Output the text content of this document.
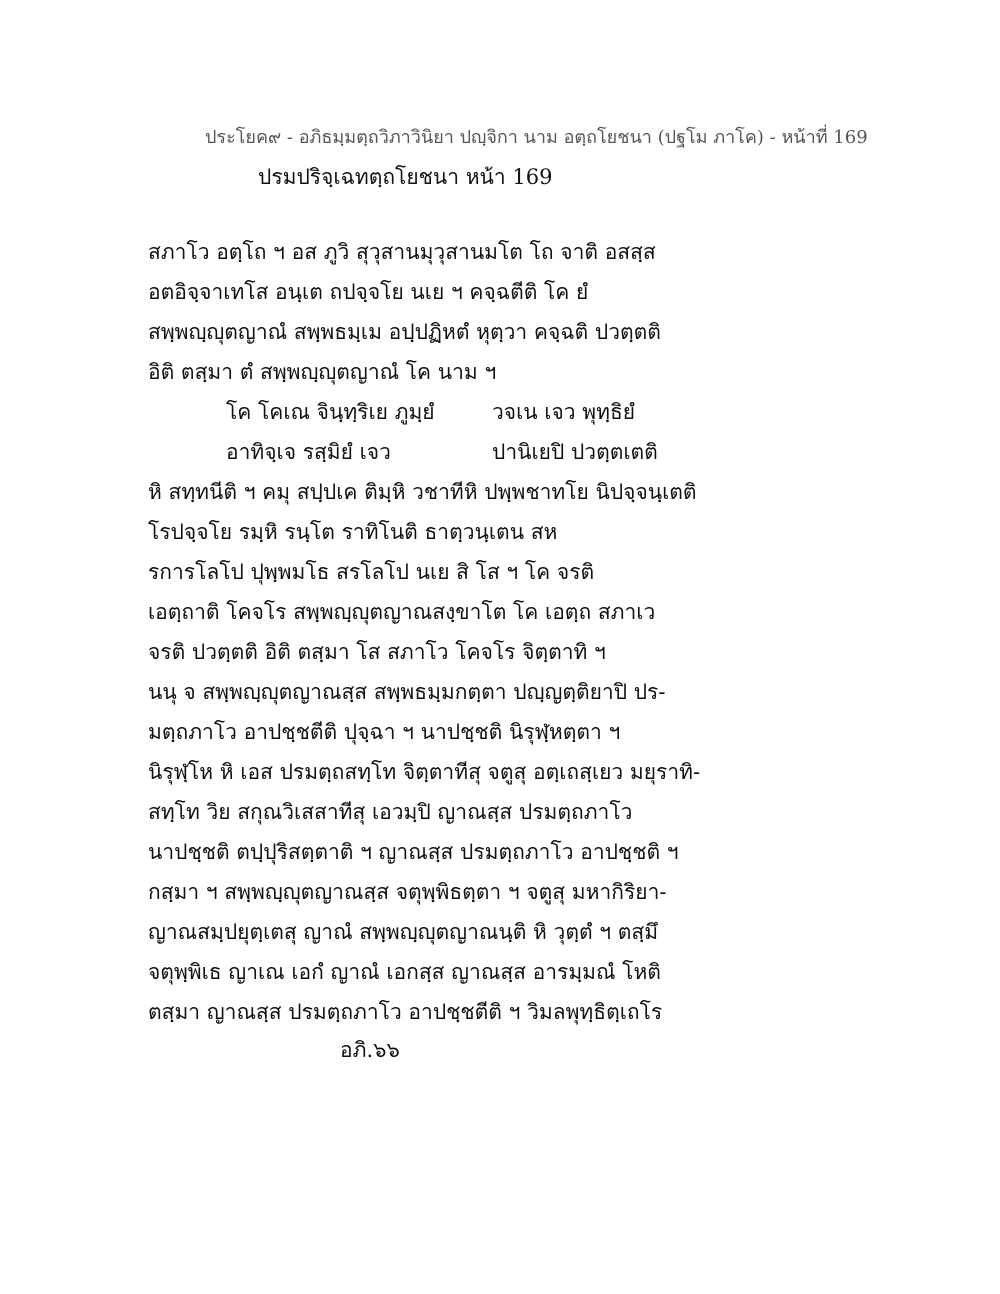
ประโยค๙ - อภิธมฺมตฺถวิภาวินิยา ปญฺจิกา นาม อตฺถโยชนา (ปฐโม ภาโค) - หน้าที่ 169
ปรมปริจฺเฉทตฺถโยชนา หน้า 169
สภาโว อตฺโถ ฯ อส ภูวิ สุวุสานมุวุสานมโต โถ จาติ อสสฺส
อตอิจฺจาเทโส อนฺเต ถปจฺจโย นเย ฯ คจฺฉตีติ โค ยํ
สพฺพญฺญุตญาณํ สพฺพธมฺเม อปฺปฏิหตํ หุตฺวา คจฺฉติ ปวตฺตติ
อิติ ตสฺมา ตํ สพฺพญฺญุตญาณํ โค นาม ฯ
โค โคเณ จินฺทฺริเย ภูมฺยํ	วจเน เจว พุทฺธิยํ
อาทิจฺเจ รสฺมิยํ เจว	ปานิเยปิ ปวตฺตเตติ
หิ สทฺทนีติ ฯ คมุ สปฺปเค ติมฺหิ วชาทีหิ ปพฺพชาทโย นิปจฺจนฺเตติ
โรปจฺจโย รมฺหิ รนฺโต ราทิโนติ ธาตฺวนฺเตน สห
รการโลโป ปุพฺพมโธ สรโลโป นเย สิ โส ฯ โค จรติ
เอตฺถาติ โคจโร สพฺพญฺญุตญาณสงฺขาโต โค เอตฺถ สภาเว
จรติ ปวตฺตติ อิติ ตสฺมา โส สภาโว โคจโร จิตฺตาทิ ฯ
นนุ จ สพฺพญฺญุตญาณสฺส สพฺพธมฺมกตฺตา ปญฺญตฺติยาปิ ปร-
มตฺถภาโว อาปชฺชตีติ ปุจฺฉา ฯ นาปชฺชติ นิรุฬฺหตฺตา ฯ
นิรุฬฺโห หิ เอส ปรมตฺถสทฺโท จิตฺตาทีสุ จตูสุ อตฺเถสฺเยว มยุราทิ-
สทฺโท วิย สกุณวิเสสาทีสุ เอวมฺปิ ญาณสฺส ปรมตฺถภาโว
นาปชฺชติ ตปฺปุริสตฺตาติ ฯ ญาณสฺส ปรมตฺถภาโว อาปชฺชติ ฯ
กสฺมา ฯ สพฺพญฺญุตญาณสฺส จตุพฺพิธตฺตา ฯ จตูสุ มหากิริยา-
ญาณสมฺปยุตฺเตสุ ญาณํ สพฺพญฺญุตญาณนฺติ หิ วุตฺตํ ฯ ตสฺมึ
จตุพฺพิเธ ญาเณ เอกํ ญาณํ เอกสฺส ญาณสฺส อารมฺมณํ โหติ
ตสฺมา ญาณสฺส ปรมตฺถภาโว อาปชฺชตีติ ฯ วิมลพุทฺธิตฺเถโร
อภิ.๖๖
